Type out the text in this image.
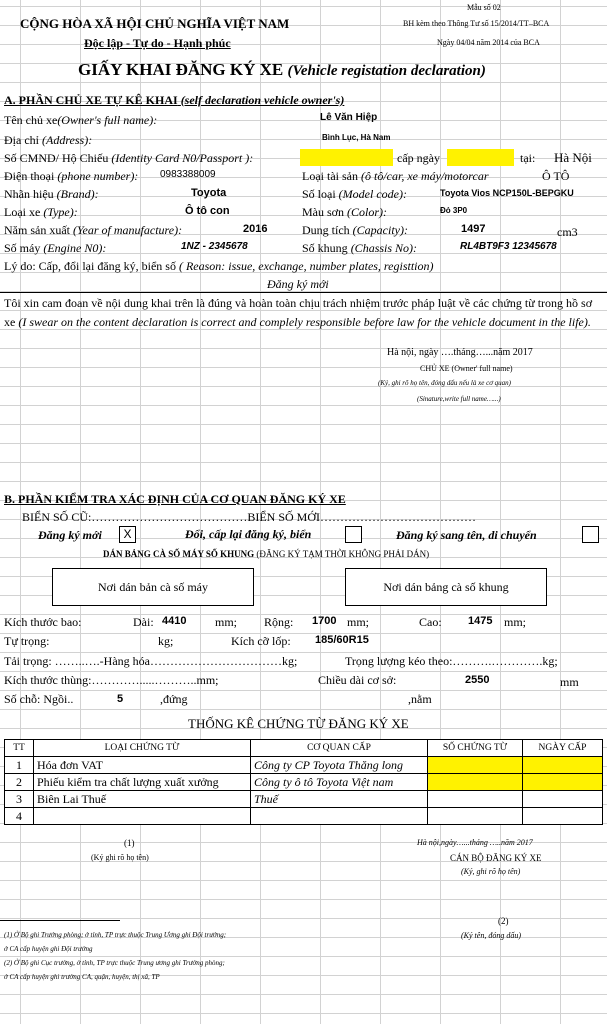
CỘNG HÒA XÃ HỘI CHỦ NGHĨA VIỆT NAM
Độc lập - Tự do - Hạnh phúc
Mẫu số 02
BH kèm theo Thông Tư số 15/2014/TT–BCA
Ngày 04/04 năm 2014 của BCA
GIẤY KHAI ĐĂNG KÝ XE (Vehicle registation declaration)
A. PHẦN CHỦ XE TỰ KÊ KHAI (self declaration vehicle owner's)
Tên chủ xe(Owner's full name):	Lê Văn Hiệp
Địa chỉ (Address):	Bình Lục, Hà Nam
Số CMND/ Hộ Chiếu (Identity Card N0/Passport ):	cấp ngày	tại: Hà Nội
Điện thoại (phone number): 0983388009	Loại tài sản (ô tô/car, xe máy/motorcar	Ô TÔ
Nhãn hiệu (Brand):	Toyota	Số loại (Model code):	Toyota Vios NCP150L-BEPGKU
Loại xe (Type):	Ô tô con	Màu sơn (Color):	Đỏ 3P0
Năm sản xuất (Year of manufacture):	2016	Dung tích (Capacity):	1497	cm3
Số máy (Engine N0):	1NZ - 2345678	Số khung (Chassis No):	RL4BT9F3 12345678
Lý do: Cấp, đổi lại đăng ký, biển số ( Reason: issue, exchange, number plates, registtion)
Đăng ký mới
Tôi xin cam đoan về nội dung khai trên là đúng và hoàn toàn chịu trách nhiệm trước pháp luật về các chứng từ trong hồ sơ xe (I swear on the content declaration is correct and complely responsible before law for the vehicle document in the life).
Hà nội, ngày ….tháng…...năm 2017
CHỦ XE (Owner' full name)
(Ký, ghi rõ họ tên, đóng dấu nếu là xe cơ quan)
(Sinature,write full name…...)
B. PHẦN KIỂM TRA XÁC ĐỊNH CỦA CƠ QUAN ĐĂNG KÝ XE
BIỂN SỐ CŨ:…………………………………BIỂN SỐ MỚI…………………………………
Đăng ký mới	X	Đổi, cấp lại đăng ký, biển	Đăng ký sang tên, di chuyển
DÁN BẢNG CÀ SỐ MÁY SỐ KHUNG (ĐĂNG KÝ TẠM THỜI KHÔNG PHẢI DÁN)
Nơi dán bản cà số máy	Nơi dán bảng cà số khung
Kích thước bao:	Dài: 4410 mm; Rộng: 1700 mm;	Cao: 1475 mm;
Tự trọng:	kg;	Kích cỡ lốp: 185/60R15
Tải trọng: ……..….-Hàng hóa……………………………kg;	Trọng lượng kéo theo:……….………….kg;
Kích thước thùng:………….....………..mm;	Chiều dài cơ sở:	2550	mm
Số chỗ: Ngồi..	5	,đứng	,nằm
THỐNG KÊ CHỨNG TỪ ĐĂNG KÝ XE
TT	LOẠI CHỨNG TỪ	CƠ QUAN CẤP	SỐ CHỨNG TỪ	NGÀY CẤP
1	Hóa đơn VAT	Công ty CP Toyota Thăng long		
2	Phiếu kiểm tra chất lượng xuất xưởng	Công ty ô tô Toyota Việt nam		
3	Biên Lai Thuế	Thuế		
4				
(1)
(Ký ghi rõ họ tên)
Hà nội,ngày…...tháng …..năm 2017
CÁN BỘ ĐĂNG KÝ XE
(Ký, ghi rõ họ tên)
(2)
(Ký tên, đóng dấu)
(1) Ở Bộ ghi Trưởng phòng; ở tỉnh, TP trực thuộc Trung Ương ghi Đội trưởng;
ở CA cấp huyện ghi Đội trưởng
(2) Ở Bộ ghi Cục trưởng, ở tỉnh, TP trực thuộc Trung ương ghi Trưởng phòng;
ở CA cấp huyện ghi trưởng CA, quận, huyện, thị xã, TP
